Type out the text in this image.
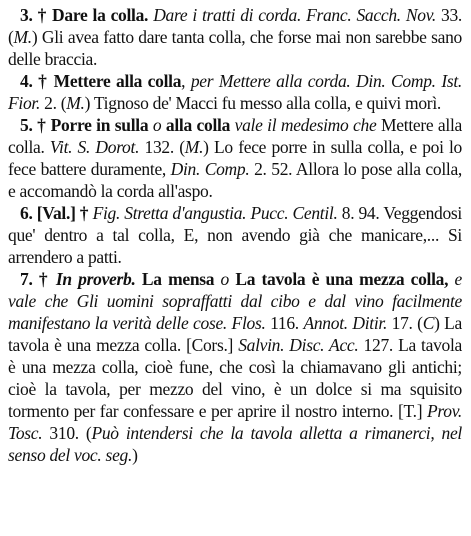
3. † Dare la colla. Dare i tratti di corda. Franc. Sacch. Nov. 33. (M.) Gli avea fatto dare tanta colla, che forse mai non sarebbe sano delle braccia.

4. † Mettere alla colla, per Mettere alla corda. Din. Comp. Ist. Fior. 2. (M.) Tignoso de' Macci fu messo alla colla, e quivi morì.

5. † Porre in sulla o alla colla vale il medesimo che Mettere alla colla. Vit. S. Dorot. 132. (M.) Lo fece porre in sulla colla, e poi lo fece battere duramente, Din. Comp. 2. 52. Allora lo pose alla colla, e accomandò la corda all'aspo.

6. [Val.] † Fig. Stretta d'angustia. Pucc. Centil. 8. 94. Veggendosi que' dentro a tal colla, E, non avendo già che manicare,... Si arrendero a patti.

7. † In proverb. La mensa o La tavola è una mezza colla, e vale che Gli uomini sopraffatti dal cibo e dal vino facilmente manifestano la verità delle cose. Flos. 116. Annot. Ditir. 17. (C) La tavola è una mezza colla. [Cors.] Salvin. Disc. Acc. 127. La tavola è una mezza colla, cioè fune, che così la chiamavano gli antichi; cioè la tavola, per mezzo del vino, è un dolce si ma squisito tormento per far confessare e per aprire il nostro interno. [T.] Prov. Tosc. 310. (Può intendersi che la tavola alletta a rimanerci, nel senso del voc. seg.)
